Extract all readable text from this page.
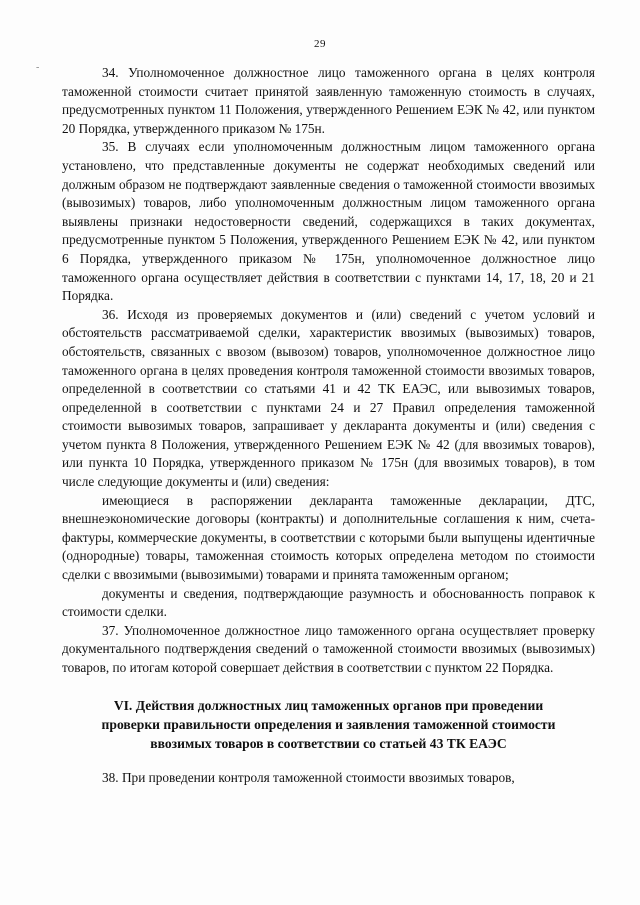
29

34. Уполномоченное должностное лицо таможенного органа в целях контроля таможенной стоимости считает принятой заявленную таможенную стоимость в случаях, предусмотренных пунктом 11 Положения, утвержденного Решением ЕЭК № 42, или пунктом 20 Порядка, утвержденного приказом № 175н.

35. В случаях если уполномоченным должностным лицом таможенного органа установлено, что представленные документы не содержат необходимых сведений или должным образом не подтверждают заявленные сведения о таможенной стоимости ввозимых (вывозимых) товаров, либо уполномоченным должностным лицом таможенного органа выявлены признаки недостоверности сведений, содержащихся в таких документах, предусмотренные пунктом 5 Положения, утвержденного Решением ЕЭК № 42, или пунктом 6 Порядка, утвержденного приказом № 175н, уполномоченное должностное лицо таможенного органа осуществляет действия в соответствии с пунктами 14, 17, 18, 20 и 21 Порядка.

36. Исходя из проверяемых документов и (или) сведений с учетом условий и обстоятельств рассматриваемой сделки, характеристик ввозимых (вывозимых) товаров, обстоятельств, связанных с ввозом (вывозом) товаров, уполномоченное должностное лицо таможенного органа в целях проведения контроля таможенной стоимости ввозимых товаров, определенной в соответствии со статьями 41 и 42 ТК ЕАЭС, или вывозимых товаров, определенной в соответствии с пунктами 24 и 27 Правил определения таможенной стоимости вывозимых товаров, запрашивает у декларанта документы и (или) сведения с учетом пункта 8 Положения, утвержденного Решением ЕЭК № 42 (для ввозимых товаров), или пункта 10 Порядка, утвержденного приказом № 175н (для ввозимых товаров), в том числе следующие документы и (или) сведения:

имеющиеся в распоряжении декларанта таможенные декларации, ДТС, внешнеэкономические договоры (контракты) и дополнительные соглашения к ним, счета-фактуры, коммерческие документы, в соответствии с которыми были выпущены идентичные (однородные) товары, таможенная стоимость которых определена методом по стоимости сделки с ввозимыми (вывозимыми) товарами и принята таможенным органом;

документы и сведения, подтверждающие разумность и обоснованность поправок к стоимости сделки.

37. Уполномоченное должностное лицо таможенного органа осуществляет проверку документального подтверждения сведений о таможенной стоимости ввозимых (вывозимых) товаров, по итогам которой совершает действия в соответствии с пунктом 22 Порядка.

VI. Действия должностных лиц таможенных органов при проведении
проверки правильности определения и заявления таможенной стоимости
ввозимых товаров в соответствии со статьей 43 ТК ЕАЭС

38. При проведении контроля таможенной стоимости ввозимых товаров,

-
